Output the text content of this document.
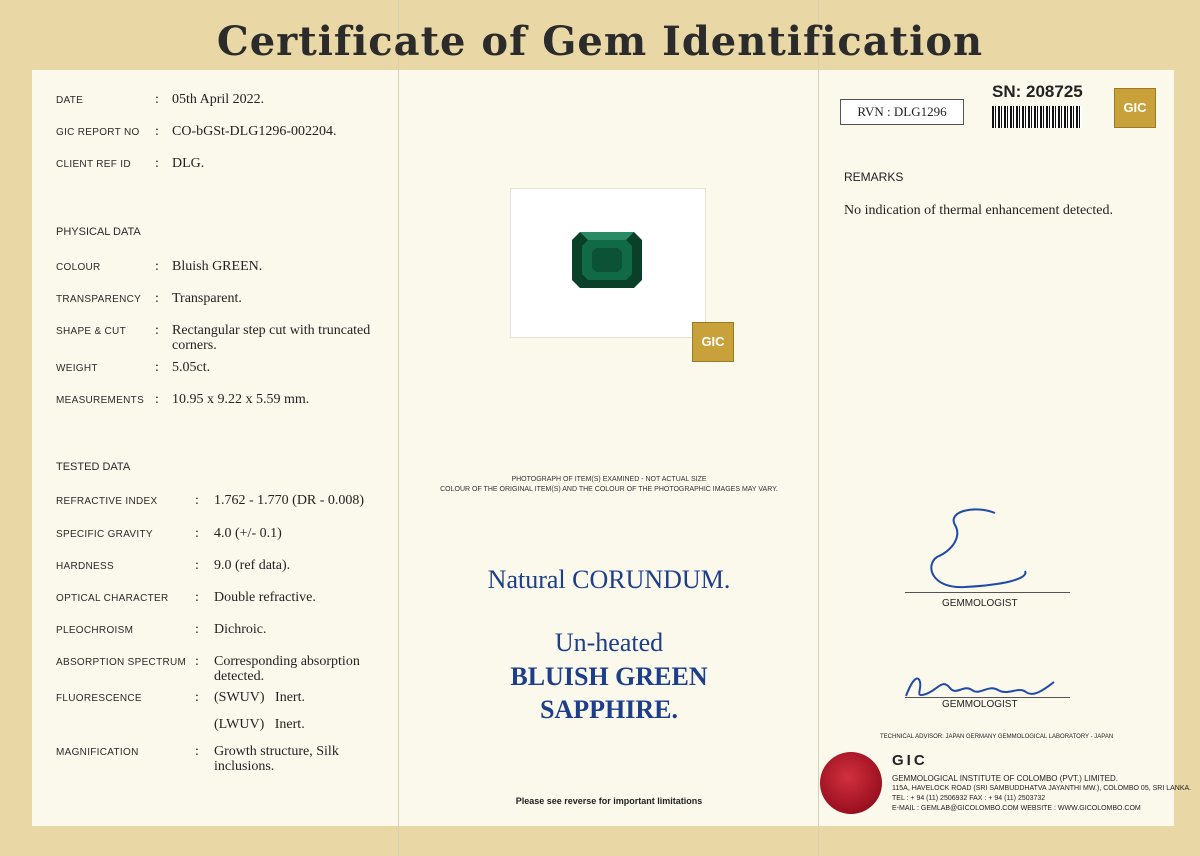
Certificate of Gem Identification
DATE	: 05th April 2022.
GIC REPORT NO : CO-bGSt-DLG1296-002204.
CLIENT REF ID : DLG.
PHYSICAL DATA
COLOUR	: Bluish GREEN.
TRANSPARENCY : Transparent.
SHAPE & CUT : Rectangular step cut with truncated corners.
WEIGHT	: 5.05ct.
MEASUREMENTS : 10.95 x 9.22 x 5.59 mm.
TESTED DATA
REFRACTIVE INDEX	: 1.762 - 1.770 (DR - 0.008)
SPECIFIC GRAVITY	: 4.0 (+/- 0.1)
HARDNESS	: 9.0 (ref data).
OPTICAL CHARACTER : Double refractive.
PLEOCHROISM	: Dichroic.
ABSORPTION SPECTRUM : Corresponding absorption detected.
FLUORESCENCE	: (SWUV)   Inert.
(LWUV)   Inert.
MAGNIFICATION	: Growth structure, Silk inclusions.
GIC
PHOTOGRAPH OF ITEM(S) EXAMINED - NOT ACTUAL SIZE
COLOUR OF THE ORIGINAL ITEM(S) AND THE COLOUR OF THE PHOTOGRAPHIC IMAGES MAY VARY.
Natural CORUNDUM.
Un-heated
BLUISH GREEN
SAPPHIRE.
Please see reverse for important limitations
RVN : DLG1296
SN: 208725
GIC
REMARKS
No indication of thermal enhancement detected.
GEMMOLOGIST
GEMMOLOGIST
TECHNICAL ADVISOR: JAPAN GERMANY GEMMOLOGICAL LABORATORY - JAPAN
GIC
GEMMOLOGICAL INSTITUTE OF COLOMBO (PVT.) LIMITED.
115A, HAVELOCK ROAD (SRI SAMBUDDHATVA JAYANTHI MW.), COLOMBO 05, SRI LANKA.
TEL : + 94 (11) 2506932 FAX : + 94 (11) 2503732
E-MAIL : GEMLAB@GICOLOMBO.COM WEBSITE : WWW.GICOLOMBO.COM
